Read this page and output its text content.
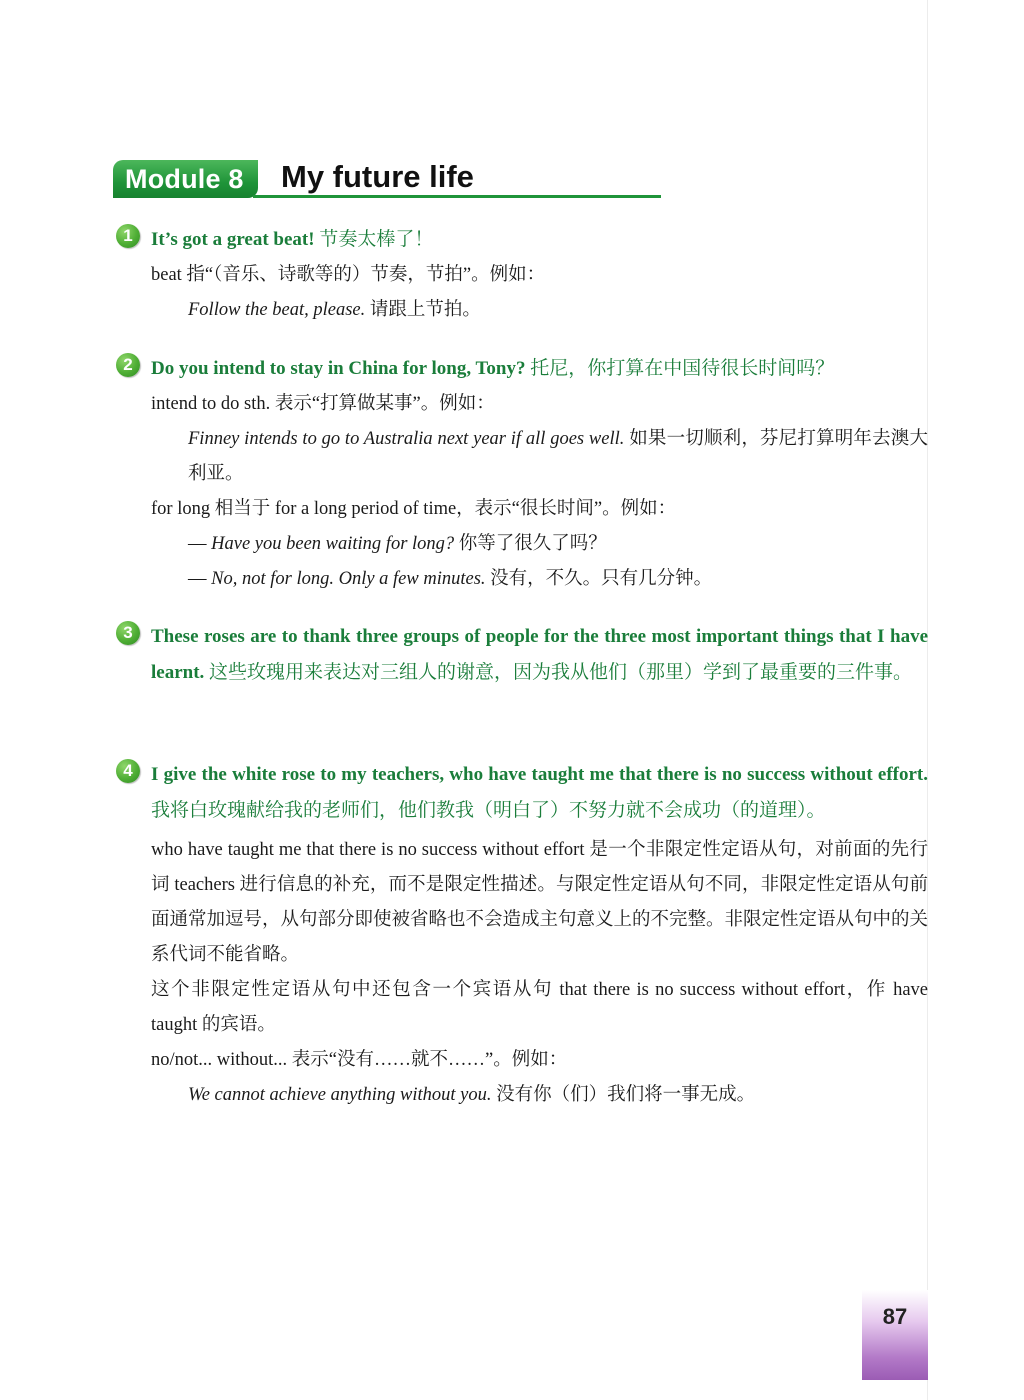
Module 8	My future life
1 It’s got a great beat! 节奏太棒了！
beat 指“（音乐、诗歌等的）节奏，节拍”。例如：
Follow the beat, please. 请跟上节拍。
2 Do you intend to stay in China for long, Tony? 托尼，你打算在中国待很长时间吗？
intend to do sth. 表示“打算做某事”。例如：
Finney intends to go to Australia next year if all goes well. 如果一切顺利，芬尼打算明年去澳大利亚。
for long 相当于 for a long period of time，表示“很长时间”。例如：
— Have you been waiting for long? 你等了很久了吗？
— No, not for long. Only a few minutes. 没有，不久。只有几分钟。
3 These roses are to thank three groups of people for the three most important things that I have learnt. 这些玫瑰用来表达对三组人的谢意，因为我从他们（那里）学到了最重要的三件事。
4 I give the white rose to my teachers, who have taught me that there is no success without effort. 我将白玫瑰献给我的老师们，他们教我（明白了）不努力就不会成功（的道理）。
who have taught me that there is no success without effort 是一个非限定性定语从句，对前面的先行词 teachers 进行信息的补充，而不是限定性描述。与限定性定语从句不同，非限定性定语从句前面通常加逗号，从句部分即使被省略也不会造成主句意义上的不完整。非限定性定语从句中的关系代词不能省略。
这个非限定性定语从句中还包含一个宾语从句 that there is no success without effort，作 have taught 的宾语。
no/not... without... 表示“没有……就不……”。例如：
We cannot achieve anything without you. 没有你（们）我们将一事无成。
87
